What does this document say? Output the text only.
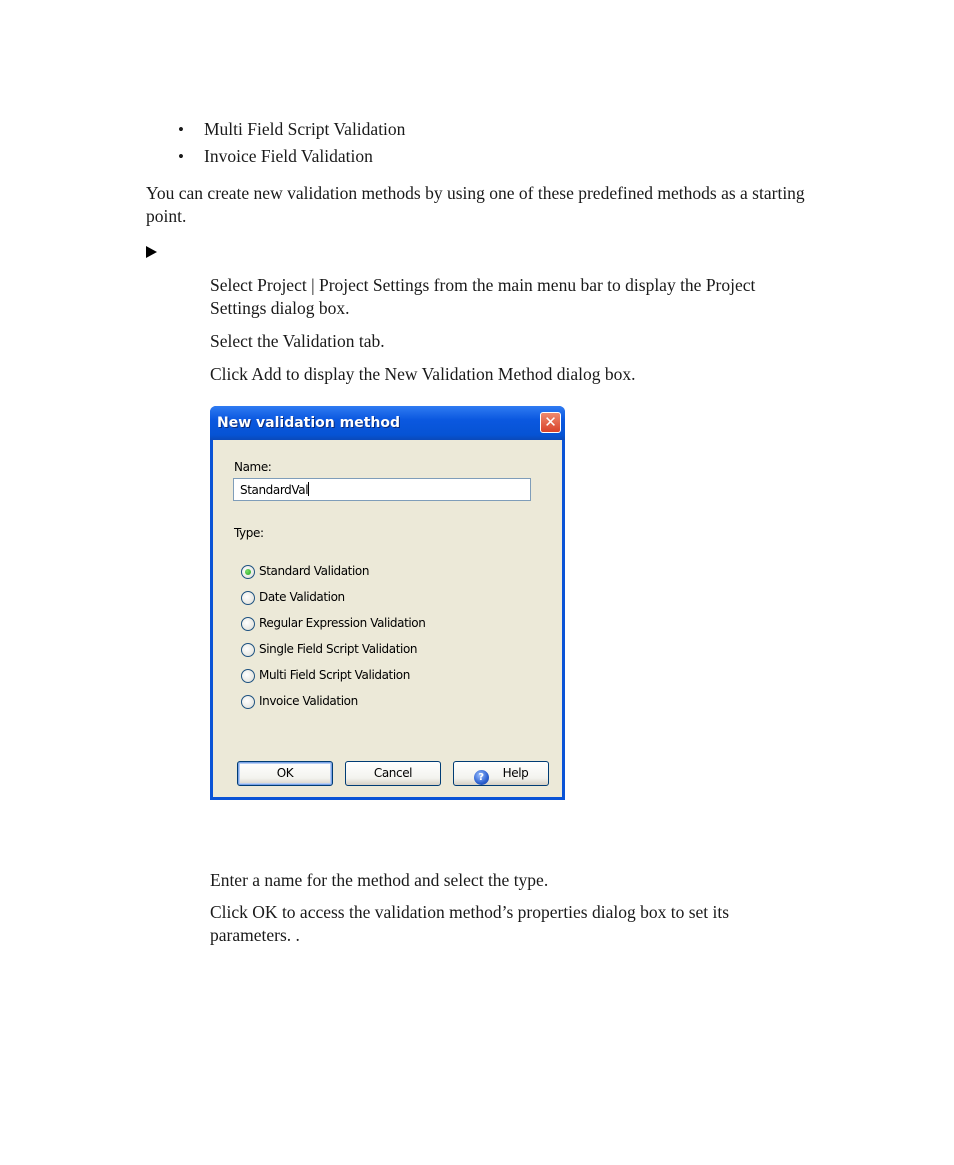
• Multi Field Script Validation
• Invoice Field Validation
You can create new validation methods by using one of these predefined methods as a starting point.
Select Project | Project Settings from the main menu bar to display the Project Settings dialog box.
Select the Validation tab.
Click Add to display the New Validation Method dialog box.
New validation method	✕
Name:
StandardVal
Type:
Standard Validation
Date Validation
Regular Expression Validation
Single Field Script Validation
Multi Field Script Validation
Invoice Validation
OK	Cancel	? Help
Enter a name for the method and select the type.
Click OK to access the validation method’s properties dialog box to set its parameters. .
